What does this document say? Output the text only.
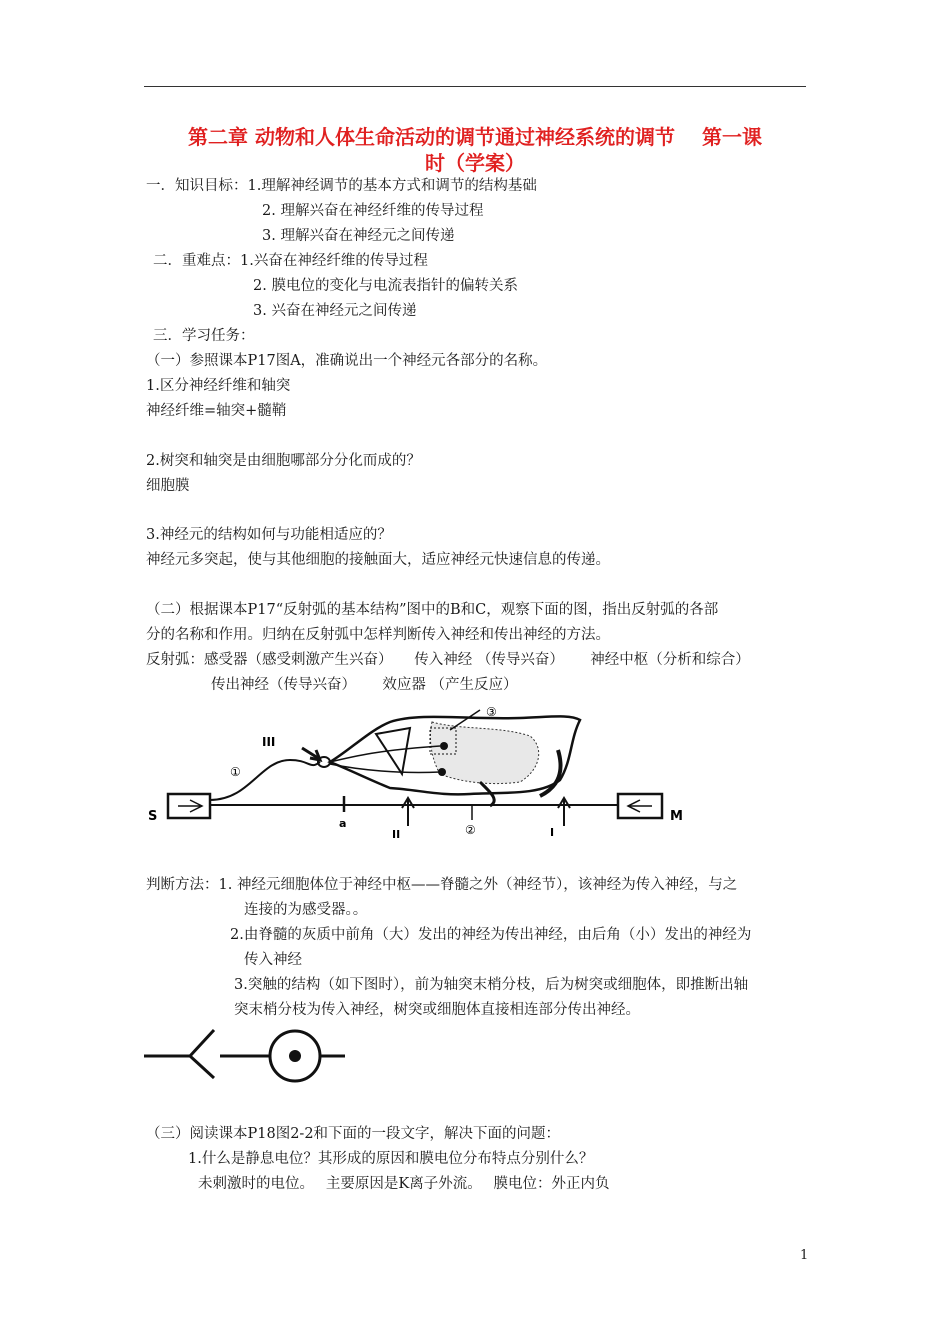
第二章 动物和人体生命活动的调节通过神经系统的调节　 第一课
时（学案）
一．知识目标：1.理解神经调节的基本方式和调节的结构基础
2. 理解兴奋在神经纤维的传导过程
3. 理解兴奋在神经元之间传递
二．重难点：1.兴奋在神经纤维的传导过程
2. 膜电位的变化与电流表指针的偏转关系
3. 兴奋在神经元之间传递
三．学习任务：
（一）参照课本P17图A，准确说出一个神经元各部分的名称。
1.区分神经纤维和轴突
神经纤维=轴突+髓鞘
2.树突和轴突是由细胞哪部分分化而成的？
细胞膜
3.神经元的结构如何与功能相适应的？
神经元多突起，使与其他细胞的接触面大，适应神经元快速信息的传递。
（二）根据课本P17“反射弧的基本结构”图中的B和C，观察下面的图，指出反射弧的各部
分的名称和作用。归纳在反射弧中怎样判断传入神经和传出神经的方法。
反射弧：感受器（感受刺激产生兴奋）　　传入神经 （传导兴奋）　　 神经中枢（分析和综合）
传出神经（传导兴奋）　　 效应器 （产生反应）
③
III
①
S	M
a
II	②	I
判断方法：1. 神经元细胞体位于神经中枢——脊髓之外（神经节），该神经为传入神经，与之
连接的为感受器。。
2.由脊髓的灰质中前角（大）发出的神经为传出神经，由后角（小）发出的神经为
传入神经
3.突触的结构（如下图时），前为轴突末梢分枝，后为树突或细胞体，即推断出轴
突末梢分枝为传入神经，树突或细胞体直接相连部分传出神经。
（三）阅读课本P18图2-2和下面的一段文字，解决下面的问题：
1.什么是静息电位？其形成的原因和膜电位分布特点分别什么？
未刺激时的电位。　 主要原因是K离子外流。　 膜电位：外正内负
1
